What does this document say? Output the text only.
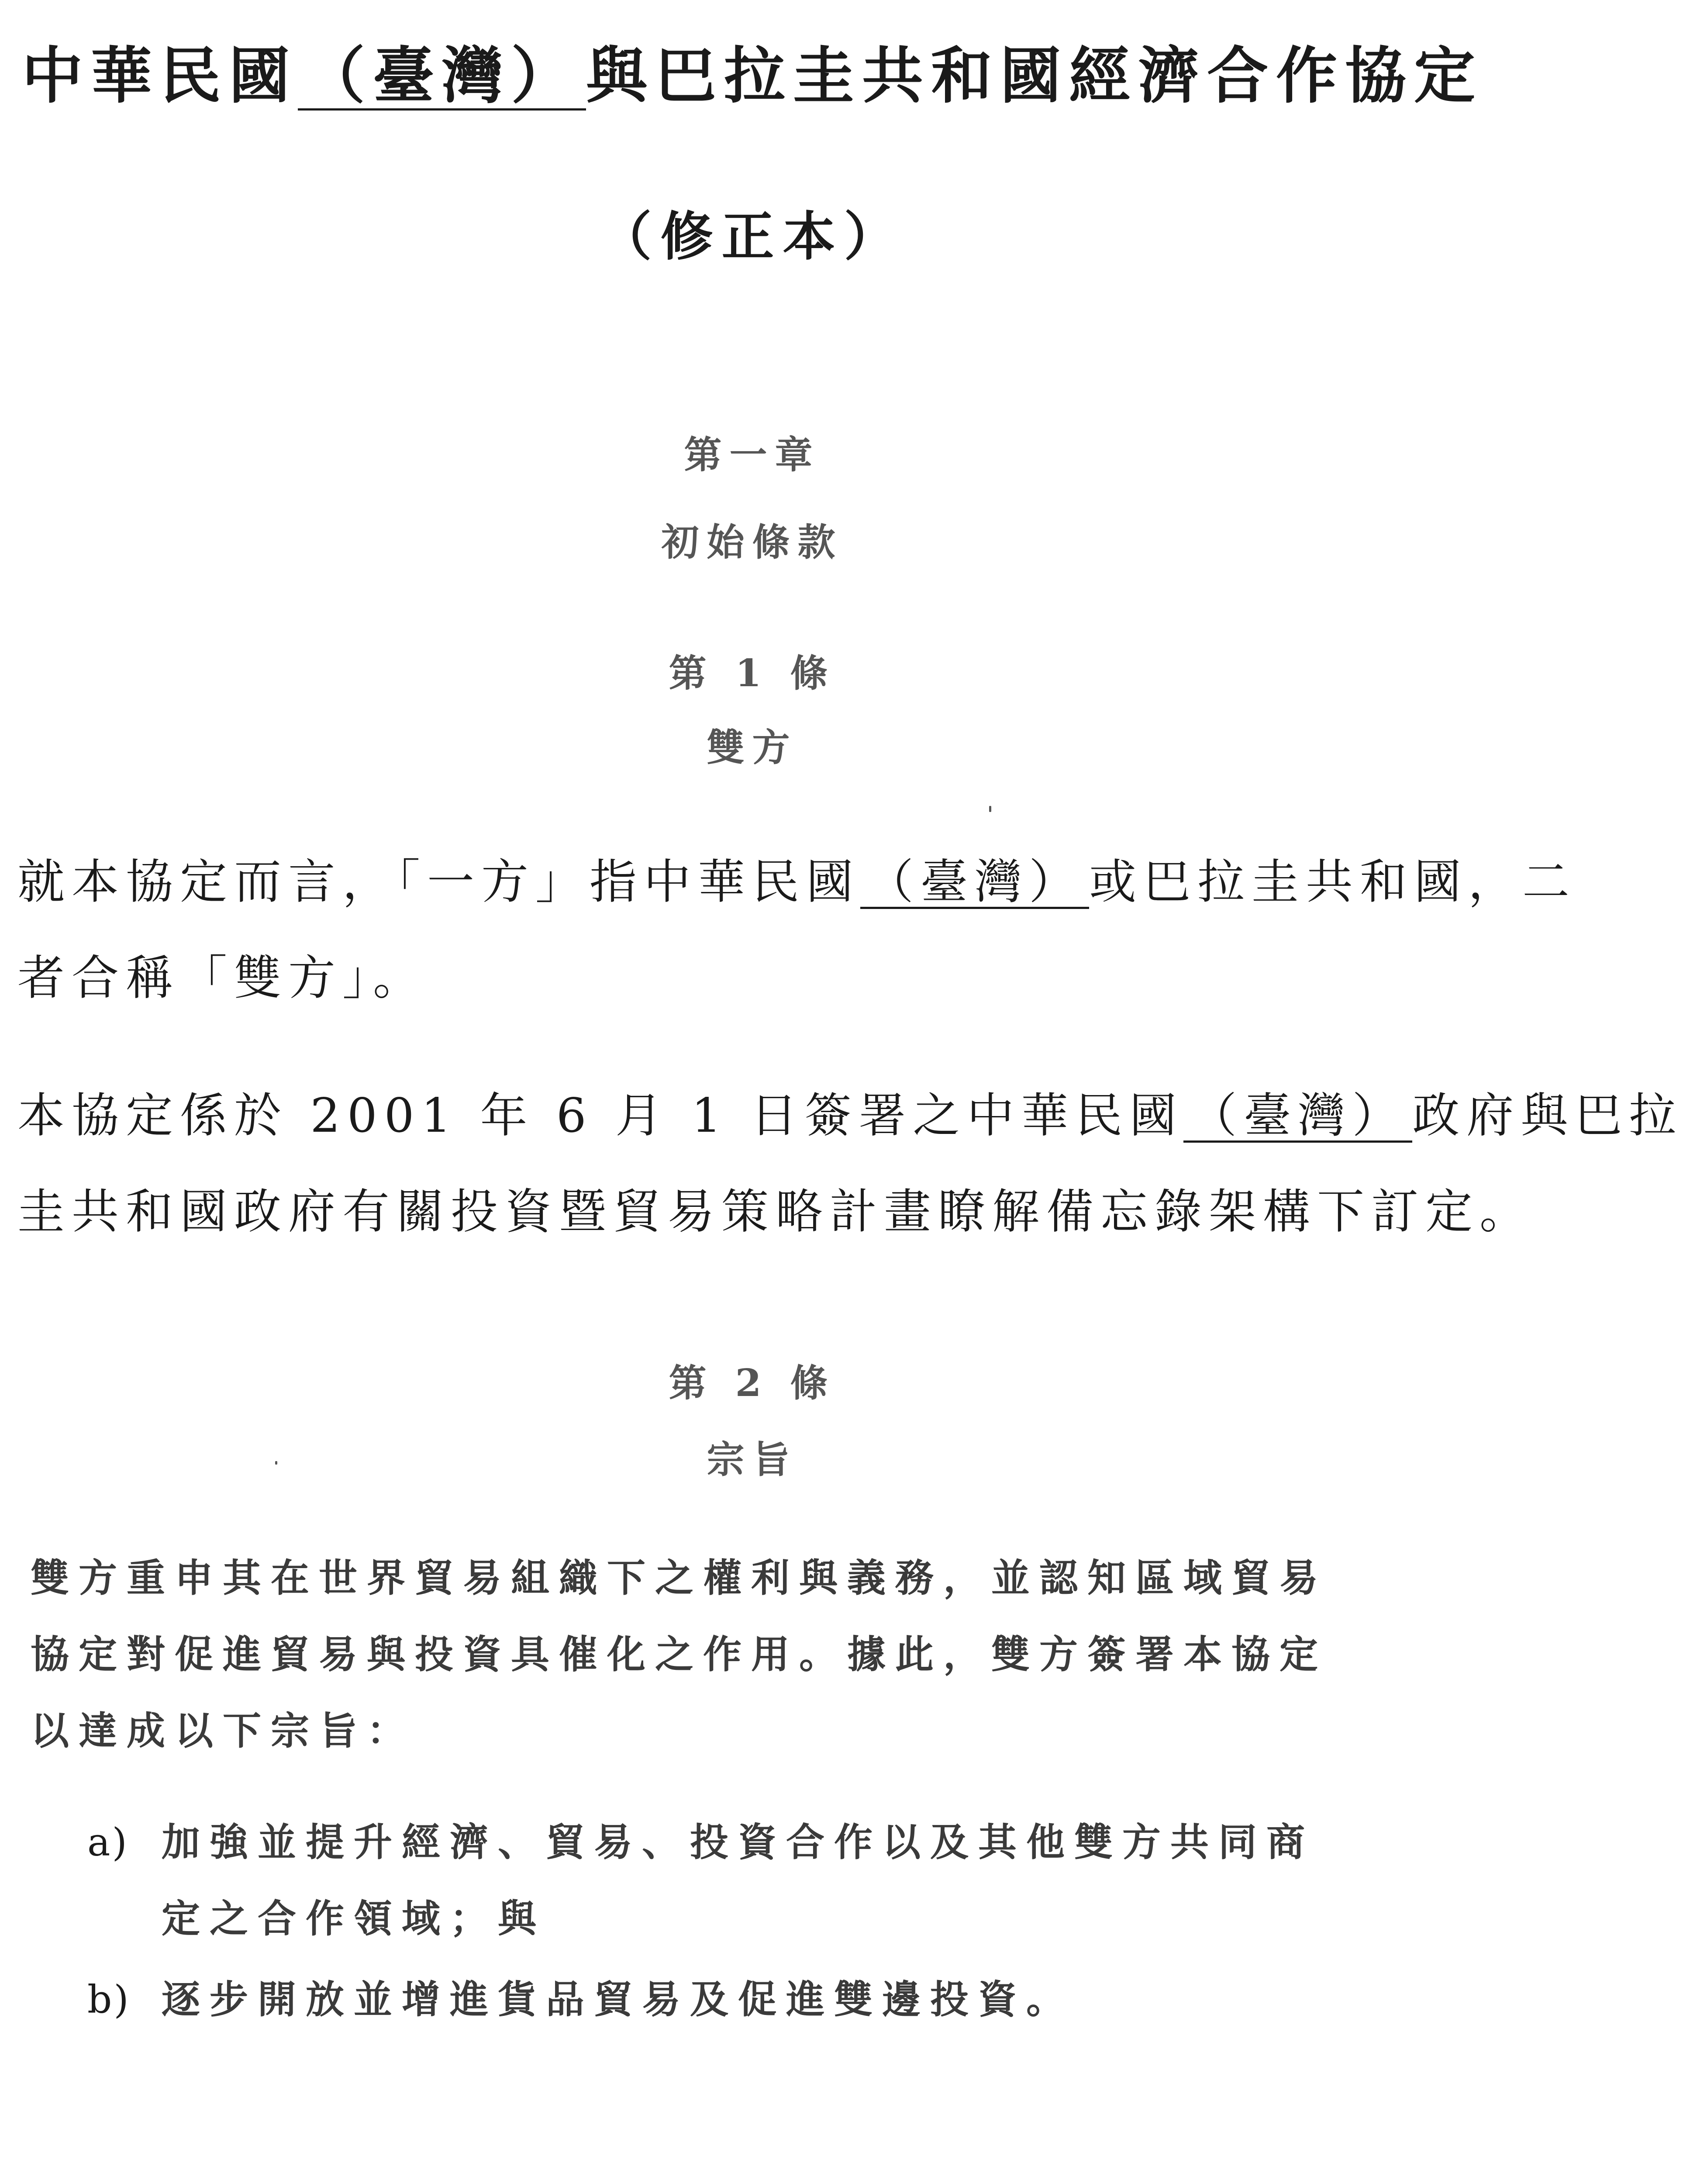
中華民國 （臺灣） 與巴拉圭共和國經濟合作協定
（修正本）
第一章
初始條款
第 1 條
雙方
就本協定而言，「一方」指中華民國 （臺灣） 或巴拉圭共和國，二
者合稱「雙方」。
本協定係於 2001 年 6 月 1 日簽署之中華民國 （臺灣） 政府與巴拉
圭共和國政府有關投資暨貿易策略計畫瞭解備忘錄架構下訂定。
第 2 條
宗旨
雙方重申其在世界貿易組織下之權利與義務，並認知區域貿易
協定對促進貿易與投資具催化之作用。據此，雙方簽署本協定
以達成以下宗旨：
a) 加強並提升經濟、貿易、投資合作以及其他雙方共同商
定之合作領域；與
b) 逐步開放並增進貨品貿易及促進雙邊投資。
